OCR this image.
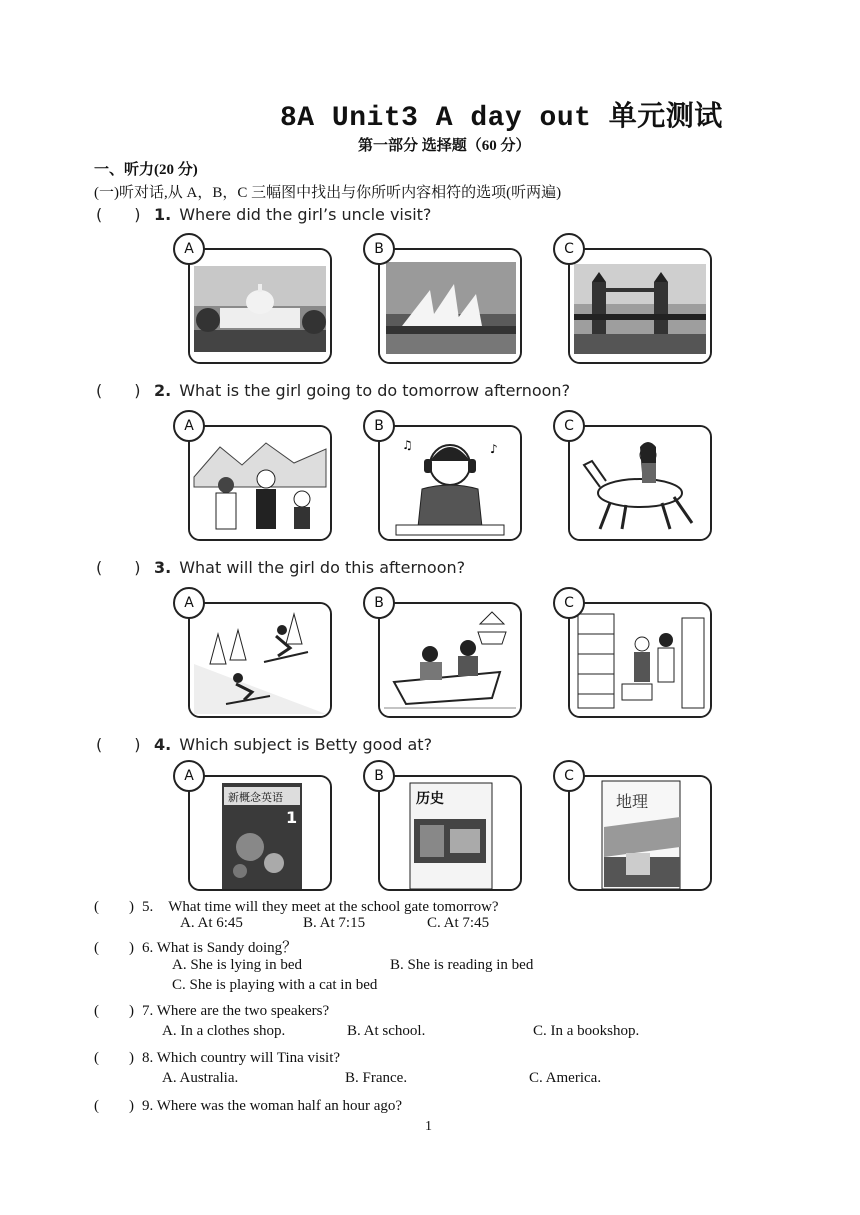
8A Unit3 A day out 单元测试
第一部分 选择题（60 分）
一、听力(20 分)
(一)听对话,从 A，B，C 三幅图中找出与你所听内容相符的选项(听两遍)
(　　) 1. Where did the girl’s uncle visit?
A	B	C
(　　) 2. What is the girl going to do tomorrow afternoon?
A	B
♫	♪
C
(　　) 3. What will the girl do this afternoon?
A	B	C
(　　) 4. Which subject is Betty good at?
A
新概念英语
1
B
历史
C
地理
(　　) 5.　What time will they meet at the school gate tomorrow?
A. At 6:45	B. At 7:15	C. At 7:45
(　　) 6. What is Sandy doing？
A. She is lying in bed	B. She is reading in bed
C. She is playing with a cat in bed
(　　) 7. Where are the two speakers?
A. In a clothes shop.	B. At school.	C. In a bookshop.
(　　) 8. Which country will Tina visit?
A. Australia.	B. France.	C. America.
(　　) 9. Where was the woman half an hour ago?
1
